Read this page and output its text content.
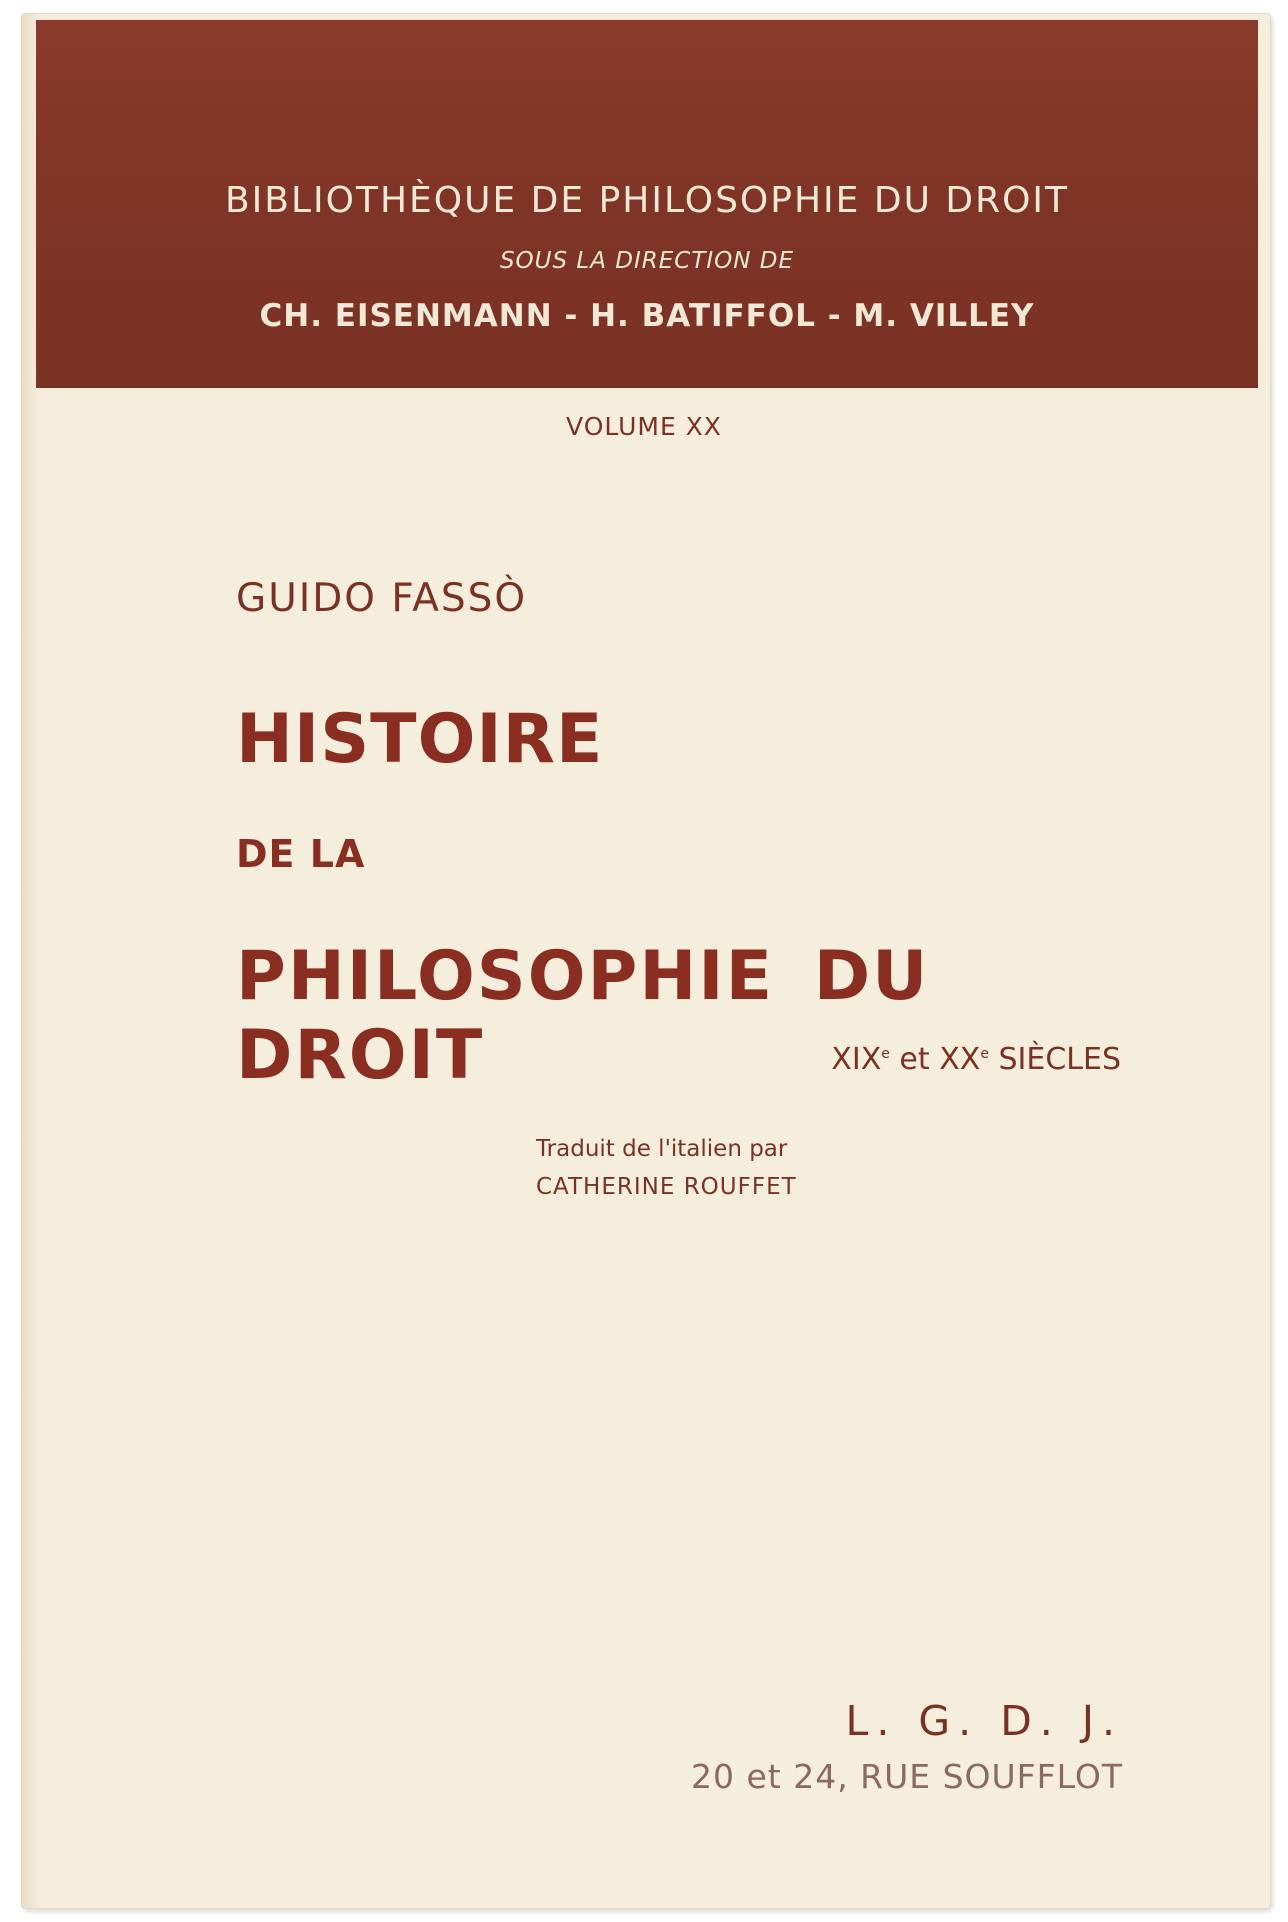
BIBLIOTHÈQUE DE PHILOSOPHIE DU DROIT
SOUS LA DIRECTION DE
CH. EISENMANN - H. BATIFFOL - M. VILLEY
VOLUME XX
GUIDO FASSÒ
HISTOIRE
DE LA
PHILOSOPHIE DU DROIT	XIXe et XXe SIÈCLES
Traduit de l'italien par
CATHERINE ROUFFET
L. G. D. J.
20 et 24, RUE SOUFFLOT
